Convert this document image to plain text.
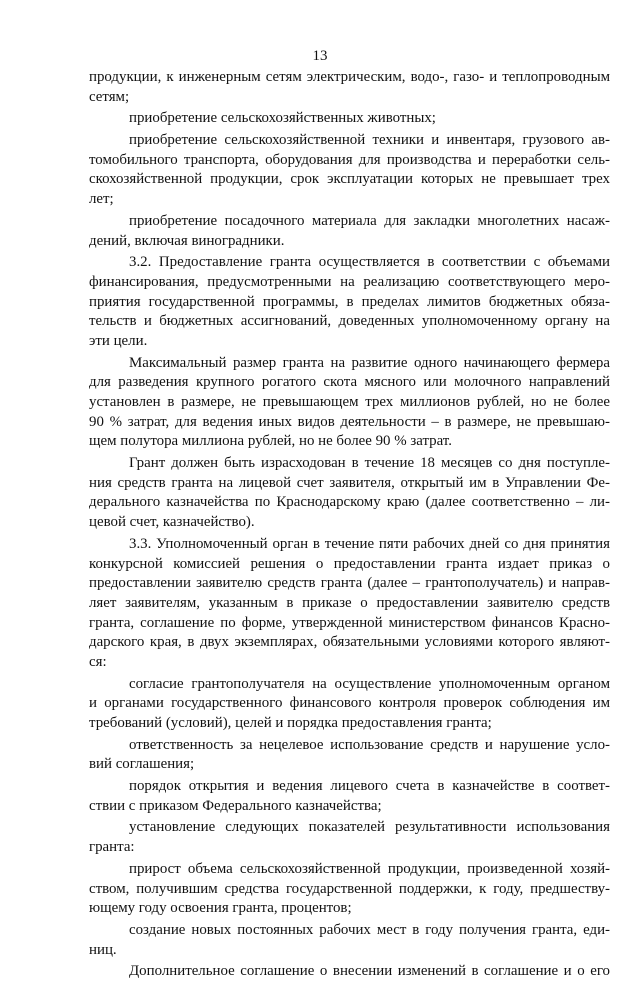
13
продукции, к инженерным сетям электрическим, водо-, газо- и теплопроводным
сетям;
приобретение сельскохозяйственных животных;
приобретение сельскохозяйственной техники и инвентаря, грузового ав-
томобильного транспорта, оборудования для производства и переработки сель-
скохозяйственной продукции, срок эксплуатации которых не превышает трех
лет;
приобретение посадочного материала для закладки многолетних насаж-
дений, включая виноградники.
3.2. Предоставление гранта осуществляется в соответствии с объемами
финансирования, предусмотренными на реализацию соответствующего меро-
приятия государственной программы, в пределах лимитов бюджетных обяза-
тельств и бюджетных ассигнований, доведенных уполномоченному органу на
эти цели.
Максимальный размер гранта на развитие одного начинающего фермера
для разведения крупного рогатого скота мясного или молочного направлений
установлен в размере, не превышающем трех миллионов рублей, но не более
90 % затрат, для ведения иных видов деятельности – в размере, не превышаю-
щем полутора миллиона рублей, но не более 90 % затрат.
Грант должен быть израсходован в течение 18 месяцев со дня поступле-
ния средств гранта на лицевой счет заявителя, открытый им в Управлении Фе-
дерального казначейства по Краснодарскому краю (далее соответственно – ли-
цевой счет, казначейство).
3.3. Уполномоченный орган в течение пяти рабочих дней со дня принятия
конкурсной комиссией решения о предоставлении гранта издает приказ о
предоставлении заявителю средств гранта (далее – грантополучатель) и направ-
ляет заявителям, указанным в приказе о предоставлении заявителю средств
гранта, соглашение по форме, утвержденной министерством финансов Красно-
дарского края, в двух экземплярах, обязательными условиями которого являют-
ся:
согласие грантополучателя на осуществление уполномоченным органом
и органами государственного финансового контроля проверок соблюдения им
требований (условий), целей и порядка предоставления гранта;
ответственность за нецелевое использование средств и нарушение усло-
вий соглашения;
порядок открытия и ведения лицевого счета в казначействе в соответ-
ствии с приказом Федерального казначейства;
установление следующих показателей результативности использования
гранта:
прирост объема сельскохозяйственной продукции, произведенной хозяй-
ством, получившим средства государственной поддержки, к году, предшеству-
ющему году освоения гранта, процентов;
создание новых постоянных рабочих мест в году получения гранта, еди-
ниц.
Дополнительное соглашение о внесении изменений в соглашение и о его
